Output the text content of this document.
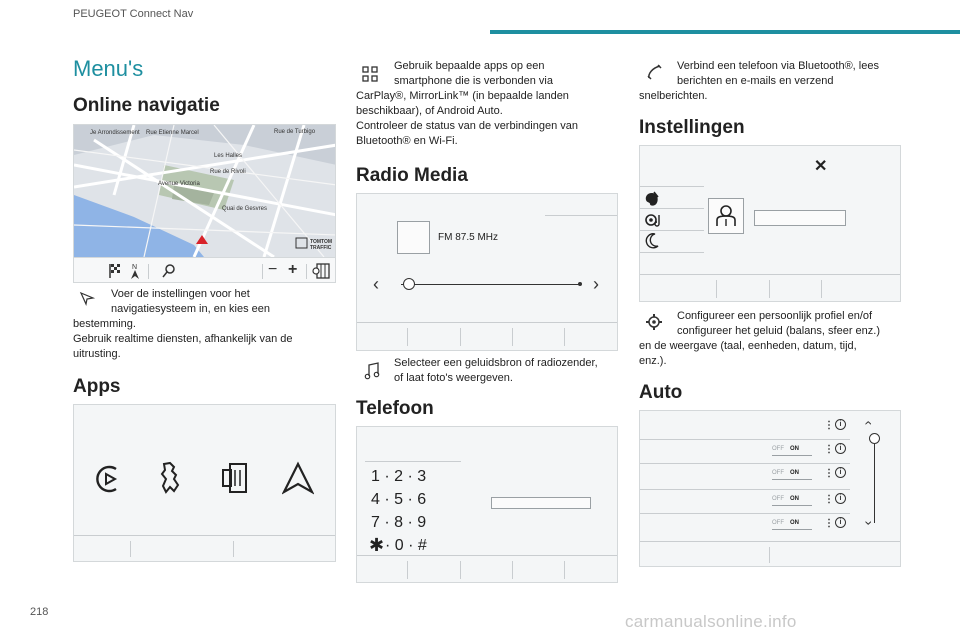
PEUGEOT Connect Nav
Menu's
Online navigatie
Je Arrondissement Rue Etienne Marcel	Rue de Turbigo
Les Halles
Rue de Rivoli
Avenue Victoria
Quai de Gesvres
TOMTOM
TRAFFIC
N	− +
Voer de instellingen voor het
navigatiesysteem in, en kies een
bestemming.
Gebruik realtime diensten, afhankelijk van de
uitrusting.
Apps
Gebruik bepaalde apps op een
smartphone die is verbonden via
CarPlay®, MirrorLink™ (in bepaalde landen
beschikbaar), of Android Auto.
Controleer de status van de verbindingen van
Bluetooth® en Wi-Fi.
Radio Media
FM 87.5 MHz
‹	›
Selecteer een geluidsbron of radiozender,
of laat foto's weergeven.
Telefoon
1 · 2 · 3
4 · 5 · 6
7 · 8 · 9
✱ · 0 · #
Verbind een telefoon via Bluetooth®, lees
berichten en e-mails en verzend
snelberichten.
Instellingen
✕
Configureer een persoonlijk profiel en/of
configureer het geluid (balans, sfeer enz.)
en de weergave (taal, eenheden, datum, tijd,
enz.).
Auto
⋮ i
OFF ON	⋮ i
OFF ON	⋮ i
OFF ON	⋮ i
OFF ON	⋮ i
‹
›
218	carmanualsonline.info
